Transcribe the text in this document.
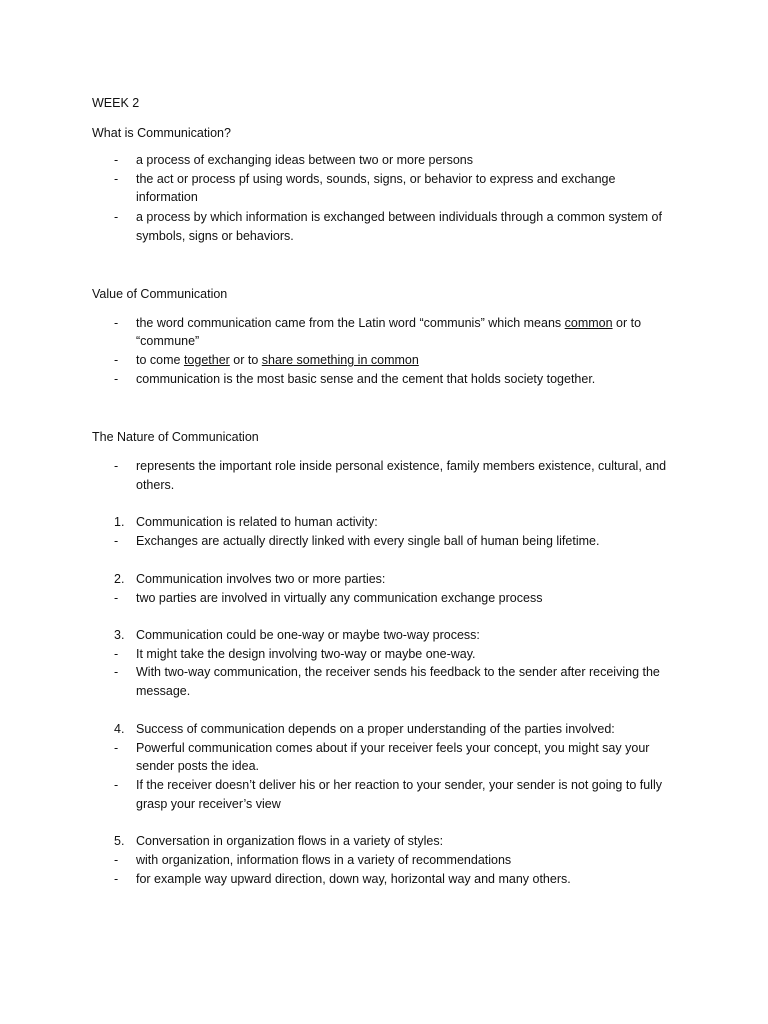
WEEK 2
What is Communication?
- a process of exchanging ideas between two or more persons
- the act or process pf using words, sounds, signs, or behavior to express and exchange
information
- a process by which information is exchanged between individuals through a common system of
symbols, signs or behaviors.
Value of Communication
- the word communication came from the Latin word “communis” which means common or to
“commune”
- to come together or to share something in common
- communication is the most basic sense and the cement that holds society together.
The Nature of Communication
- represents the important role inside personal existence, family members existence, cultural, and
others.
1. Communication is related to human activity:
- Exchanges are actually directly linked with every single ball of human being lifetime.
2. Communication involves two or more parties:
- two parties are involved in virtually any communication exchange process
3. Communication could be one-way or maybe two-way process:
- It might take the design involving two-way or maybe one-way.
- With two-way communication, the receiver sends his feedback to the sender after receiving the
message.
4. Success of communication depends on a proper understanding of the parties involved:
- Powerful communication comes about if your receiver feels your concept, you might say your
sender posts the idea.
- If the receiver doesn’t deliver his or her reaction to your sender, your sender is not going to fully
grasp your receiver’s view
5. Conversation in organization flows in a variety of styles:
- with organization, information flows in a variety of recommendations
- for example way upward direction, down way, horizontal way and many others.
